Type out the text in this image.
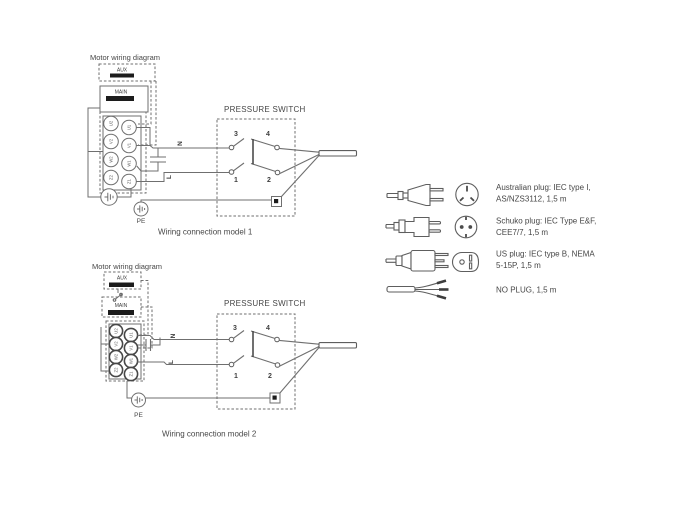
Motor wiring diagram
AUX
MAIN
U2
V2
W2
Z2
U1
V1
W1
Z1
N
L
PE
PRESSURE SWITCH
3	4
1	2
Wiring connection model 1
Motor wiring diagram
AUX
MAIN
U2
V2
W2
Z2
U1
V1
W1
Z1
N
L
PE
PRESSURE SWITCH
3	4
1	2
Wiring connection model 2
Australian plug: IEC type I,
AS/NZS3112, 1,5 m
Schuko plug: IEC Type E&F,
CEE7/7, 1,5 m
US plug: IEC type B, NEMA
5-15P, 1,5 m
NO PLUG, 1,5 m
